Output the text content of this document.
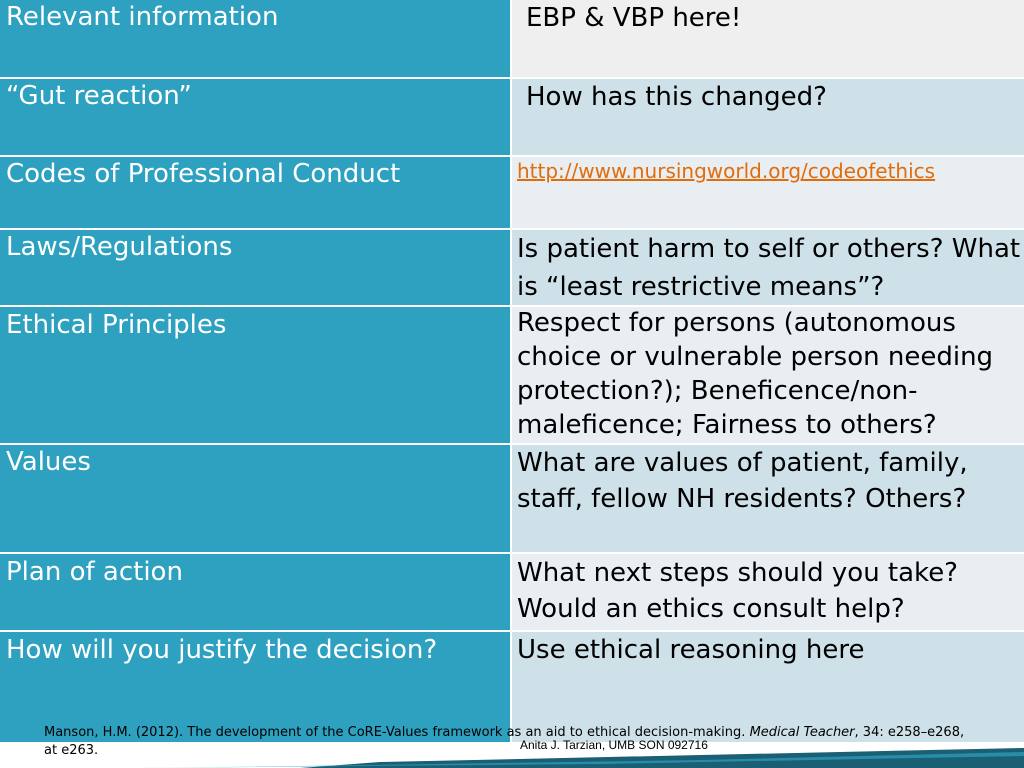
Relevant information
“Gut reaction”
Codes of Professional Conduct
Laws/Regulations
Ethical Principles
Values
Plan of action
How will you justify the decision?
EBP & VBP here!
How has this changed?
http://www.nursingworld.org/codeofethics
Is patient harm to self or others? What is “least restrictive means”?
Respect for persons (autonomous choice or vulnerable person needing protection?); Beneficence/non-maleficence; Fairness to others?
What are values of patient, family, staff, fellow NH residents? Others?
What next steps should you take? Would an ethics consult help?
Use ethical reasoning here
Manson, H.M. (2012). The development of the CoRE-Values framework as an aid to ethical decision-making. Medical Teacher, 34: e258–e268, at e263.	Anita J. Tarzian, UMB SON 092716
